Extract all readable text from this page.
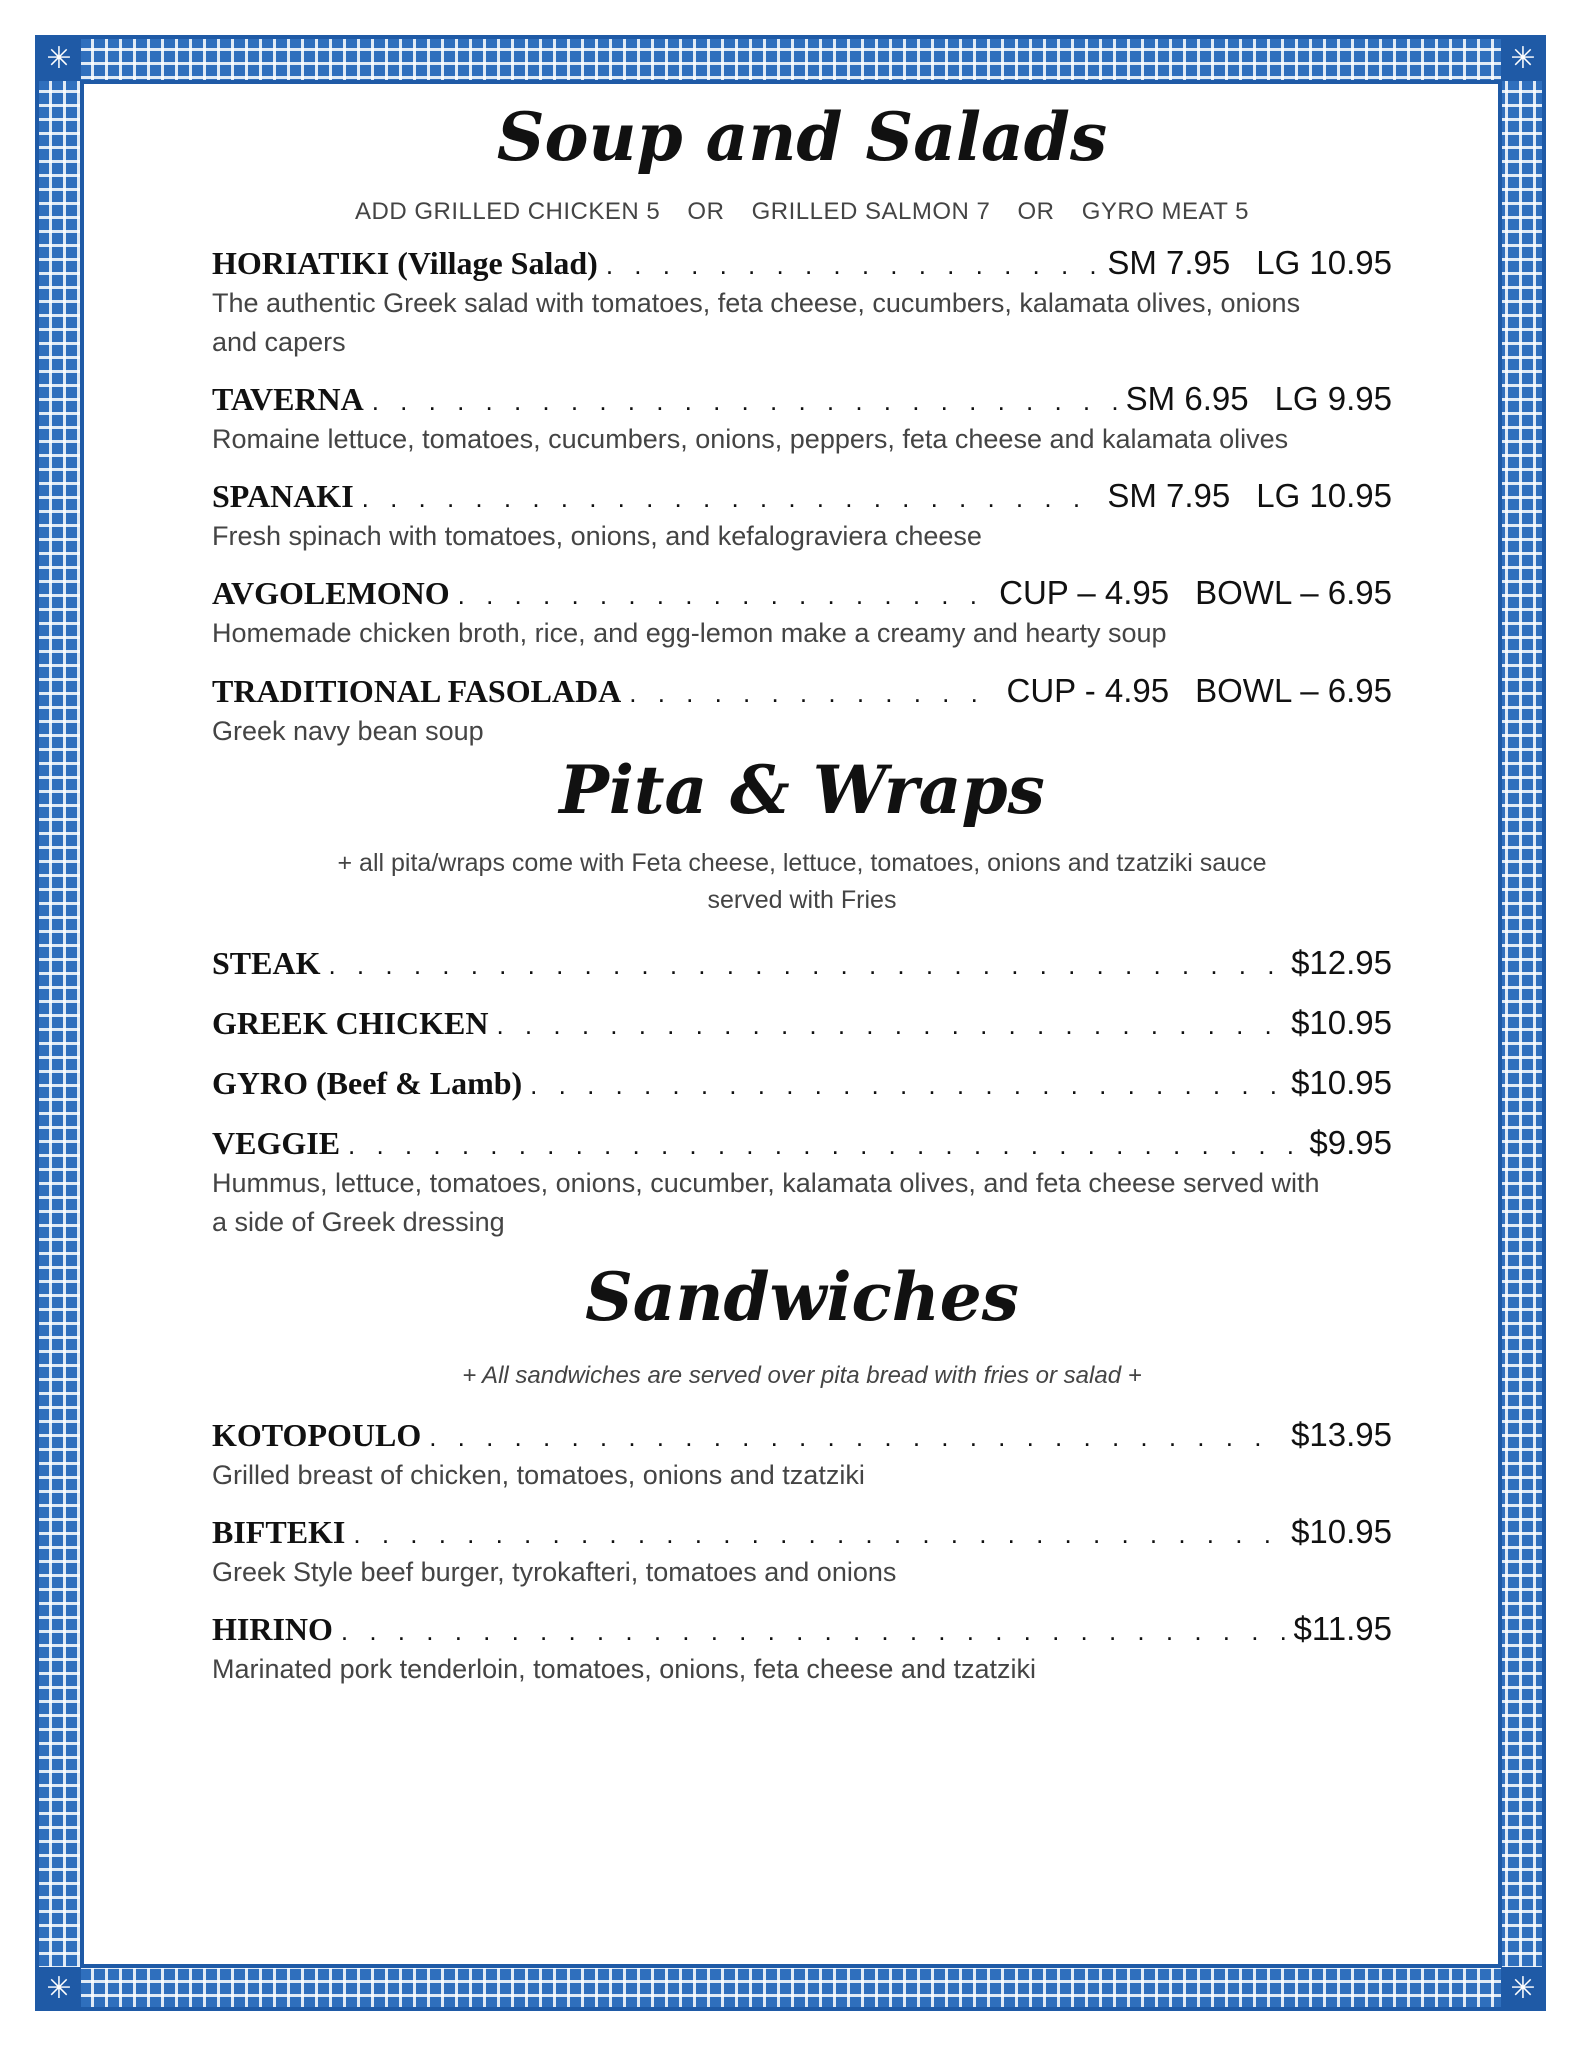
✳	✳
✳	✳
Soup and Salads
ADD GRILLED CHICKEN 5 OR GRILLED SALMON 7 OR GYRO MEAT 5
HORIATIKI (Village Salad) . . .	SM 7.95 LG 10.95
The authentic Greek salad with tomatoes, feta cheese, cucumbers, kalamata olives, onions and capers
TAVERNA . . .	SM 6.95 LG 9.95
Romaine lettuce, tomatoes, cucumbers, onions, peppers, feta cheese and kalamata olives
SPANAKI . . .	SM 7.95 LG 10.95
Fresh spinach with tomatoes, onions, and kefalograviera cheese
AVGOLEMONO . . .	CUP – 4.95 BOWL – 6.95
Homemade chicken broth, rice, and egg-lemon make a creamy and hearty soup
TRADITIONAL FASOLADA . . .	CUP - 4.95 BOWL – 6.95
Greek navy bean soup
Pita & Wraps
+ all pita/wraps come with Feta cheese, lettuce, tomatoes, onions and tzatziki sauce
served with Fries
STEAK . . .	$12.95
GREEK CHICKEN . . .	$10.95
GYRO (Beef & Lamb) . . .	$10.95
VEGGIE . . .	$9.95
Hummus, lettuce, tomatoes, onions, cucumber, kalamata olives, and feta cheese served with a side of Greek dressing
Sandwiches
+ All sandwiches are served over pita bread with fries or salad +
KOTOPOULO . . .	$13.95
Grilled breast of chicken, tomatoes, onions and tzatziki
BIFTEKI . . .	$10.95
Greek Style beef burger, tyrokafteri, tomatoes and onions
HIRINO . . .	$11.95
Marinated pork tenderloin, tomatoes, onions, feta cheese and tzatziki
